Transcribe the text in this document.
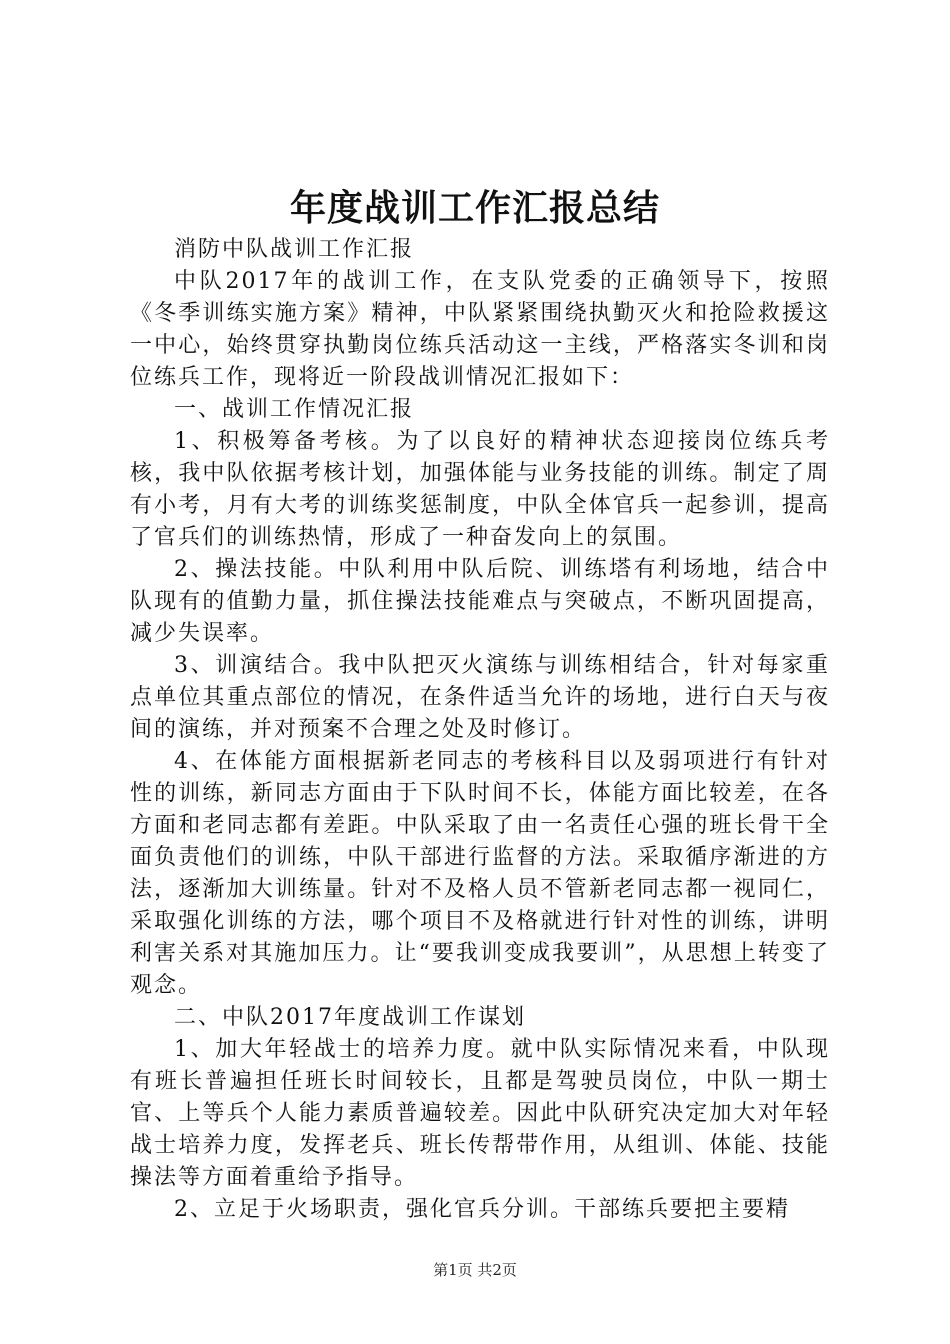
年度战训工作汇报总结

消防中队战训工作汇报

中队2017年的战训工作，在支队党委的正确领导下，按照《冬季训练实施方案》精神，中队紧紧围绕执勤灭火和抢险救援这一中心，始终贯穿执勤岗位练兵活动这一主线，严格落实冬训和岗位练兵工作，现将近一阶段战训情况汇报如下：

一、战训工作情况汇报

1、积极筹备考核。为了以良好的精神状态迎接岗位练兵考核，我中队依据考核计划，加强体能与业务技能的训练。制定了周有小考，月有大考的训练奖惩制度，中队全体官兵一起参训，提高了官兵们的训练热情，形成了一种奋发向上的氛围。

2、操法技能。中队利用中队后院、训练塔有利场地，结合中队现有的值勤力量，抓住操法技能难点与突破点，不断巩固提高，减少失误率。

3、训演结合。我中队把灭火演练与训练相结合，针对每家重点单位其重点部位的情况，在条件适当允许的场地，进行白天与夜间的演练，并对预案不合理之处及时修订。

4、在体能方面根据新老同志的考核科目以及弱项进行有针对性的训练，新同志方面由于下队时间不长，体能方面比较差，在各方面和老同志都有差距。中队采取了由一名责任心强的班长骨干全面负责他们的训练，中队干部进行监督的方法。采取循序渐进的方法，逐渐加大训练量。针对不及格人员不管新老同志都一视同仁，采取强化训练的方法，哪个项目不及格就进行针对性的训练，讲明利害关系对其施加压力。让“要我训变成我要训”，从思想上转变了观念。

二、中队2017年度战训工作谋划

1、加大年轻战士的培养力度。就中队实际情况来看，中队现有班长普遍担任班长时间较长，且都是驾驶员岗位，中队一期士官、上等兵个人能力素质普遍较差。因此中队研究决定加大对年轻战士培养力度，发挥老兵、班长传帮带作用，从组训、体能、技能操法等方面着重给予指导。

2、立足于火场职责，强化官兵分训。干部练兵要把主要精

第1页 共2页
